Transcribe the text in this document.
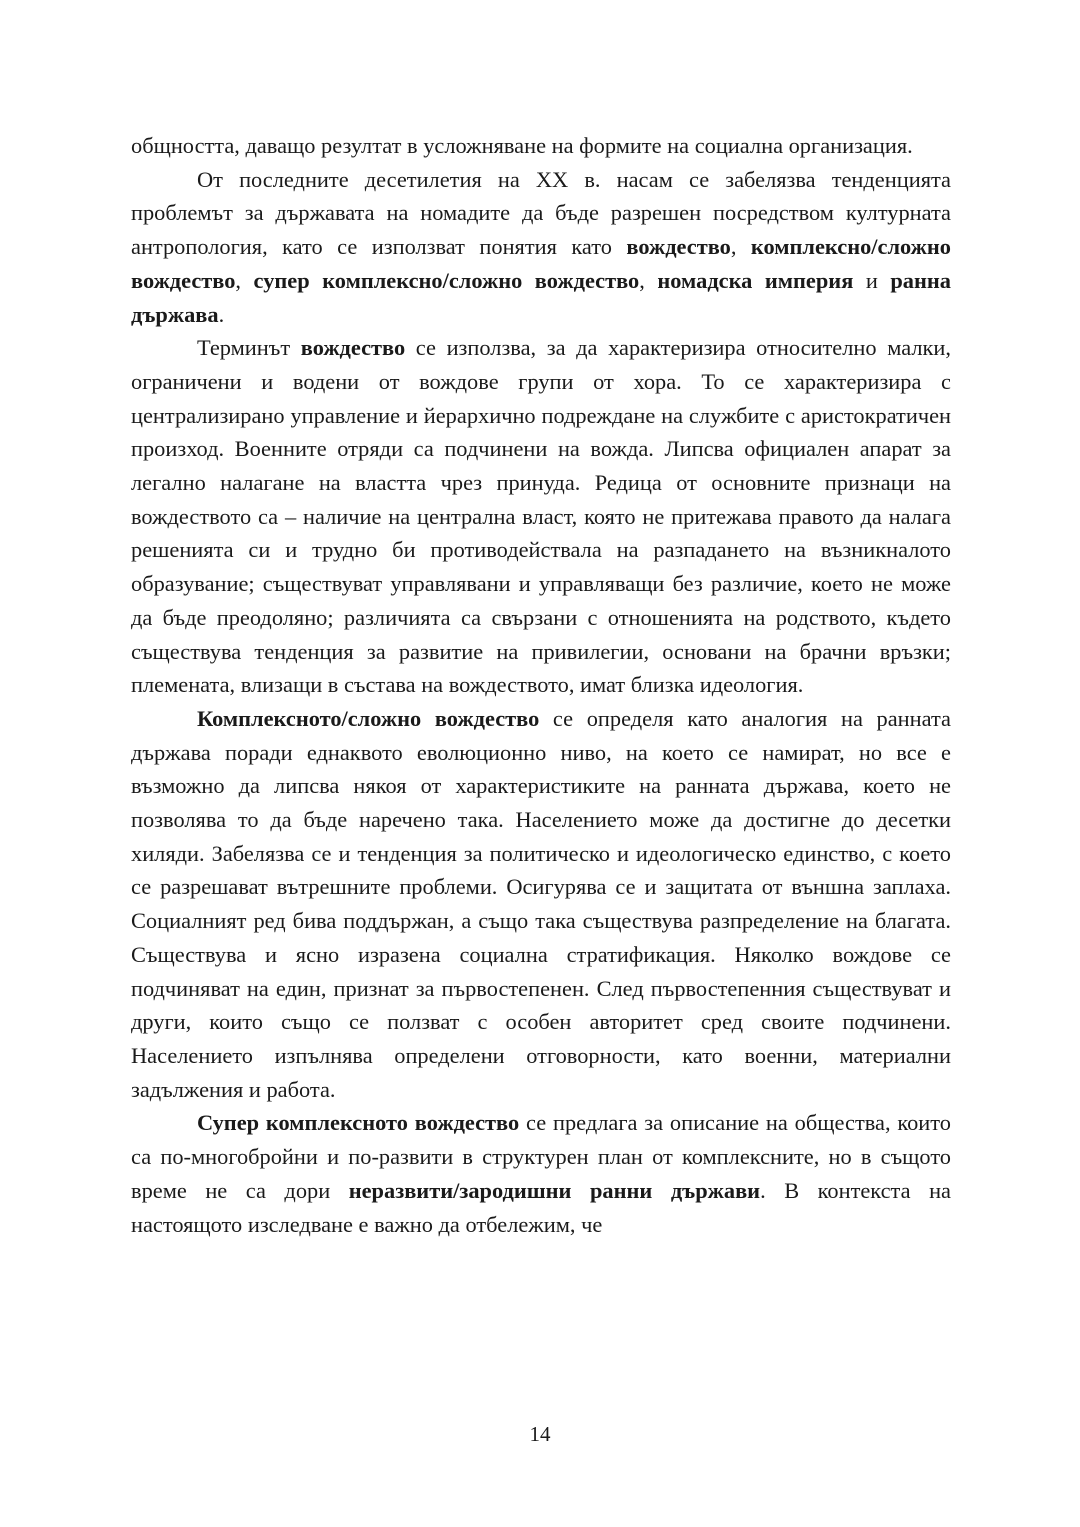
общността, даващо резултат в усложняване на формите на социална организация.

От последните десетилетия на ХХ в. насам се забелязва тенденцията проблемът за държавата на номадите да бъде разрешен посредством културната антропология, като се използват понятия като вождество, комплексно/сложно вождество, супер комплексно/сложно вождество, номадска империя и ранна държава.

Терминът вождество се използва, за да характеризира относително малки, ограничени и водени от вождове групи от хора. То се характеризира с централизирано управление и йерархично подреждане на службите с аристократичен произход. Военните отряди са подчинени на вожда. Липсва официален апарат за легално налагане на властта чрез принуда. Редица от основните признаци на вождеството са – наличие на централна власт, която не притежава правото да налага решенията си и трудно би противодействала на разпадането на възникналото образувание; съществуват управлявани и управляващи без различие, което не може да бъде преодоляно; различията са свързани с отношенията на родството, където съществува тенденция за развитие на привилегии, основани на брачни връзки; племената, влизащи в състава на вождеството, имат близка идеология.

Комплексното/сложно вождество се определя като аналогия на ранната държава поради еднаквото еволюционно ниво, на което се намират, но все е възможно да липсва някоя от характеристиките на ранната държава, което не позволява то да бъде наречено така. Населението може да достигне до десетки хиляди. Забелязва се и тенденция за политическо и идеологическо единство, с което се разрешават вътрешните проблеми. Осигурява се и защитата от външна заплаха. Социалният ред бива поддържан, а също така съществува разпределение на благата. Съществува и ясно изразена социална стратификация. Няколко вождове се подчиняват на един, признат за първостепенен. След първостепенния съществуват и други, които също се ползват с особен авторитет сред своите подчинени. Населението изпълнява определени отговорности, като военни, материални задължения и работа.

Супер комплексното вождество се предлага за описание на общества, които са по-многобройни и по-развити в структурен план от комплексните, но в същото време не са дори неразвити/зародишни ранни държави. В контекста на настоящото изследване е важно да отбележим, че

14
